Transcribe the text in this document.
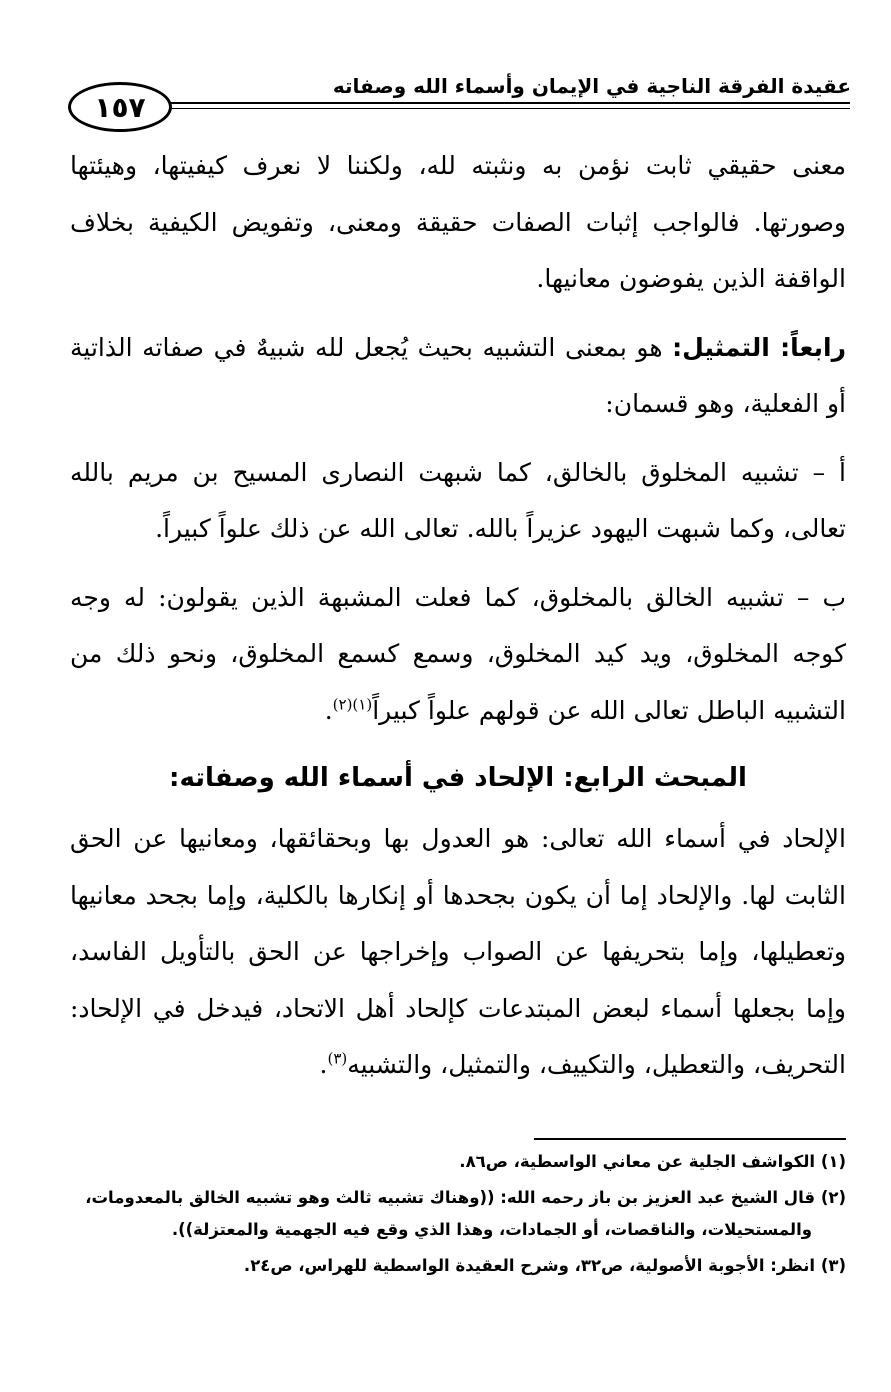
١٥٧
عقيدة الفرقة الناجية في الإيمان وأسماء الله وصفاته

معنى حقيقي ثابت نؤمن به ونثبته لله، ولكننا لا نعرف كيفيتها، وهيئتها وصورتها. فالواجب إثبات الصفات حقيقة ومعنى، وتفويض الكيفية بخلاف الواقفة الذين يفوضون معانيها.

رابعاً: التمثيل: هو بمعنى التشبيه بحيث يُجعل لله شبيهٌ في صفاته الذاتية أو الفعلية، وهو قسمان:

أ – تشبيه المخلوق بالخالق، كما شبهت النصارى المسيح بن مريم بالله تعالى، وكما شبهت اليهود عزيراً بالله. تعالى الله عن ذلك علواً كبيراً.

ب – تشبيه الخالق بالمخلوق، كما فعلت المشبهة الذين يقولون: له وجه كوجه المخلوق، ويد كيد المخلوق، وسمع كسمع المخلوق، ونحو ذلك من التشبيه الباطل تعالى الله عن قولهم علواً كبيراً$^{(١)(٢)}$.

المبحث الرابع: الإلحاد في أسماء الله وصفاته:

الإلحاد في أسماء الله تعالى: هو العدول بها وبحقائقها، ومعانيها عن الحق الثابت لها. والإلحاد إما أن يكون بجحدها أو إنكارها بالكلية، وإما بجحد معانيها وتعطيلها، وإما بتحريفها عن الصواب وإخراجها عن الحق بالتأويل الفاسد، وإما بجعلها أسماء لبعض المبتدعات كإلحاد أهل الاتحاد، فيدخل في الإلحاد: التحريف، والتعطيل، والتكييف، والتمثيل، والتشبيه$^{(٣)}$.

(١) الكواشف الجلية عن معاني الواسطية، ص٨٦.

(٢) قال الشيخ عبد العزيز بن باز رحمه الله: ((وهناك تشبيه ثالث وهو تشبيه الخالق بالمعدومات،
والمستحيلات، والناقصات، أو الجمادات، وهذا الذي وقع فيه الجهمية والمعتزلة)).

(٣) انظر: الأجوبة الأصولية، ص٣٢، وشرح العقيدة الواسطية للهراس، ص٢٤.
